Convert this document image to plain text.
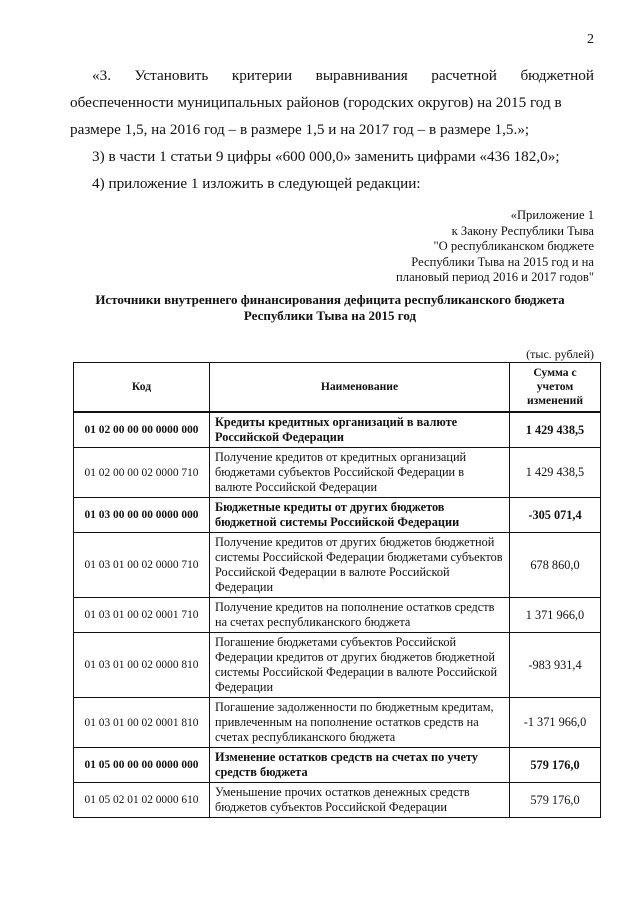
2
«3. Установить критерии выравнивания расчетной бюджетной
обеспеченности муниципальных районов (городских округов) на 2015 год в размере 1,5, на 2016 год – в размере 1,5 и на 2017 год – в размере 1,5.»;
3) в части 1 статьи 9 цифры «600 000,0» заменить цифрами «436 182,0»;
4) приложение 1 изложить в следующей редакции:
«Приложение 1
к Закону Республики Тыва
"О республиканском бюджете
Республики Тыва на 2015 год и на
плановый период 2016 и 2017 годов"
Источники внутреннего финансирования дефицита республиканского бюджета
Республики Тыва на 2015 год
(тыс. рублей)
Код	Наименование	Сумма с
учетом
изменений

01 02 00 00 00 0000 000	Кредиты кредитных организаций в валюте Российской Федерации	1 429 438,5
01 02 00 00 02 0000 710	Получение кредитов от кредитных организаций бюджетами субъектов Российской Федерации в валюте Российской Федерации	1 429 438,5
01 03 00 00 00 0000 000	Бюджетные кредиты от других бюджетов бюджетной системы Российской Федерации	-305 071,4
01 03 01 00 02 0000 710	Получение кредитов от других бюджетов бюджетной системы Российской Федерации бюджетами субъектов Российской Федерации в валюте Российской Федерации	678 860,0
01 03 01 00 02 0001 710	Получение кредитов на пополнение остатков средств на счетах республиканского бюджета	1 371 966,0
01 03 01 00 02 0000 810	Погашение бюджетами субъектов Российской Федерации кредитов от других бюджетов бюджетной системы Российской Федерации в валюте Российской Федерации	-983 931,4
01 03 01 00 02 0001 810	Погашение задолженности по бюджетным кредитам, привлеченным на пополнение остатков средств на счетах республиканского бюджета	-1 371 966,0
01 05 00 00 00 0000 000	Изменение остатков средств на счетах по учету средств бюджета	579 176,0
01 05 02 01 02 0000 610	Уменьшение прочих остатков денежных средств бюджетов субъектов Российской Федерации	579 176,0
